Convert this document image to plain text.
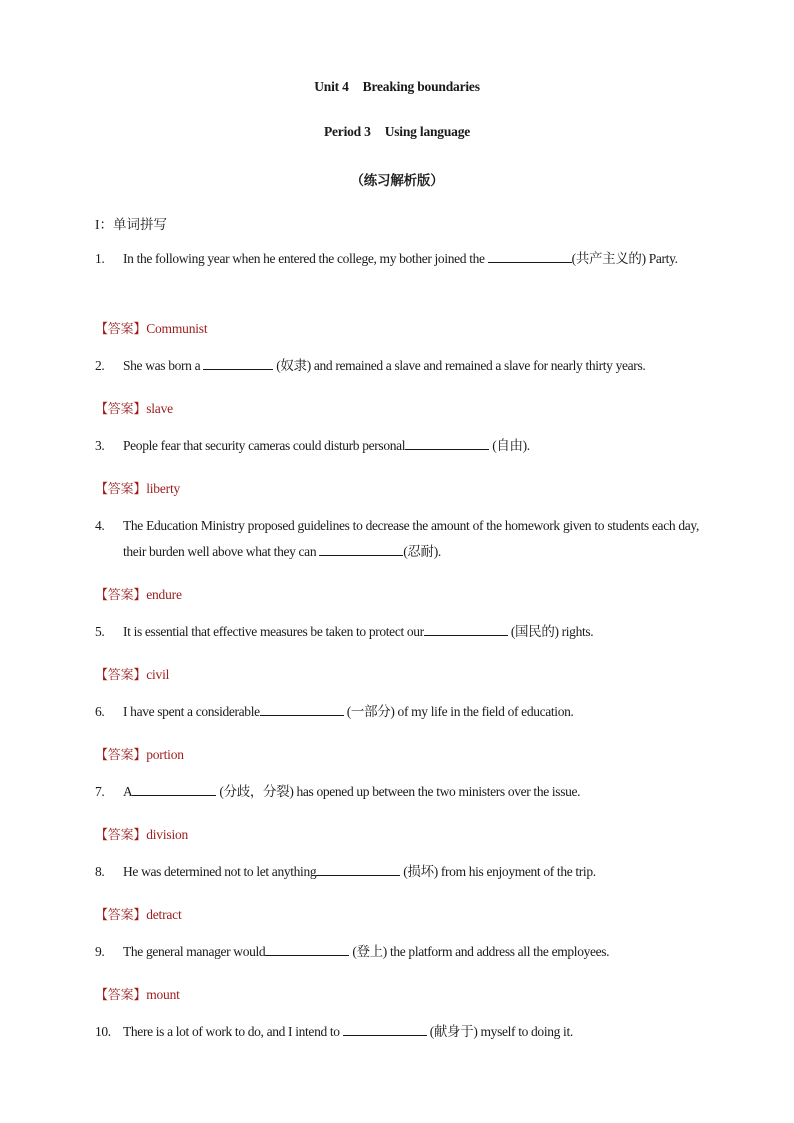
Unit 4 Breaking boundaries
Period 3 Using language
（练习解析版）
I：单词拼写
1.	In the following year when he entered the college, my bother joined the	(共产主义的) Party.
【答案】Communist
2.	She was born a	(奴隶) and remained a slave and remained a slave for nearly thirty years.
【答案】slave
3.	People fear that security cameras could disturb personal	(自由).
【答案】liberty
4.	The Education Ministry proposed guidelines to decrease the amount of the homework given to students each day, their burden well above what they can	(忍耐).
【答案】endure
5.	It is essential that effective measures be taken to protect our	(国民的) rights.
【答案】civil
6.	I have spent a considerable	(一部分) of my life in the field of education.
【答案】portion
7.	A	(分歧，分裂) has opened up between the two ministers over the issue.
【答案】division
8.	He was determined not to let anything	(损坏) from his enjoyment of the trip.
【答案】detract
9.	The general manager would	(登上) the platform and address all the employees.
【答案】mount
10. There is a lot of work to do, and I intend to	(献身于) myself to doing it.
